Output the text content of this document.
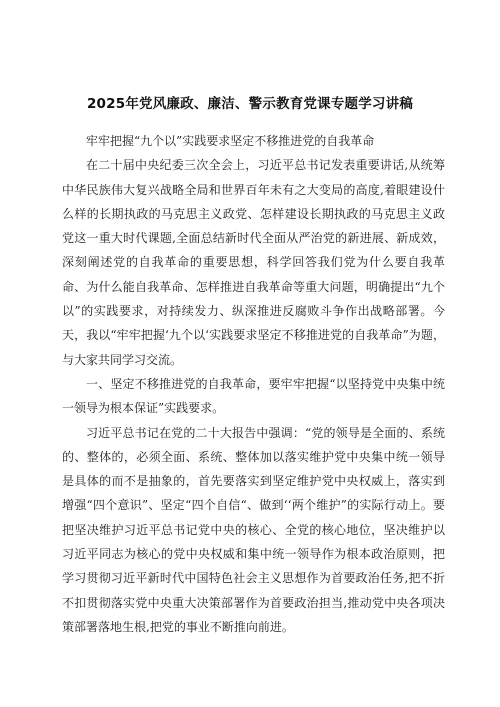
2025年党风廉政、廉洁、警示教育党课专题学习讲稿

牢牢把握“九个以”实践要求坚定不移推进党的自我革命

在二十届中央纪委三次全会上，习近平总书记发表重要讲话,从统筹中华民族伟大复兴战略全局和世界百年未有之大变局的高度,着眼建设什么样的长期执政的马克思主义政党、怎样建设长期执政的马克思主义政党这一重大时代课题,全面总结新时代全面从严治党的新进展、新成效，深刻阐述党的自我革命的重要思想，科学回答我们党为什么要自我革命、为什么能自我革命、怎样推进自我革命等重大问题，明确提出“九个以”的实践要求，对持续发力、纵深推进反腐败斗争作出战略部署。今天，我以“牢牢把握‘九个以‘实践要求坚定不移推进党的自我革命”为题，与大家共同学习交流。

一、坚定不移推进党的自我革命，要牢牢把握“以坚持党中央集中统一领导为根本保证”实践要求。

习近平总书记在党的二十大报告中强调：“党的领导是全面的、系统的、整体的，必须全面、系统、整体加以落实维护党中央集中统一领导是具体的而不是抽象的，首先要落实到坚定维护党中央权威上，落实到增强“四个意识”、坚定“四个自信“、做到‘‘两个维护”的实际行动上。要把坚决维护习近平总书记党中央的核心、全党的核心地位，坚决维护以习近平同志为核心的党中央权威和集中统一领导作为根本政治原则，把学习贯彻习近平新时代中国特色社会主义思想作为首要政治任务,把不折不扣贯彻落实党中央重大决策部署作为首要政治担当,推动党中央各项决策部署落地生根,把党的事业不断推向前进。
